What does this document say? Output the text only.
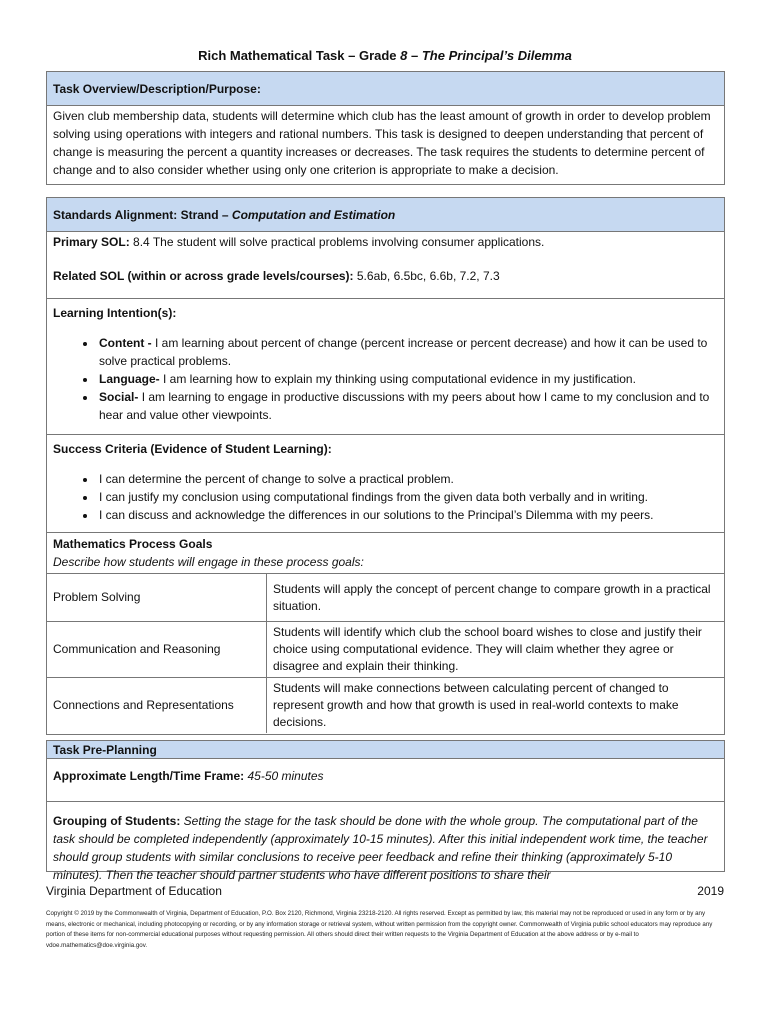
Rich Mathematical Task – Grade 8 – The Principal’s Dilemma
Task Overview/Description/Purpose:
Given club membership data, students will determine which club has the least amount of growth in order to develop problem solving using operations with integers and rational numbers. This task is designed to deepen understanding that percent of change is measuring the percent a quantity increases or decreases. The task requires the students to determine percent of change and to also consider whether using only one criterion is appropriate to make a decision.
Standards Alignment: Strand – Computation and Estimation
Primary SOL: 8.4 The student will solve practical problems involving consumer applications.
Related SOL (within or across grade levels/courses): 5.6ab, 6.5bc, 6.6b, 7.2, 7.3
Learning Intention(s):
• Content - I am learning about percent of change (percent increase or percent decrease) and how it can be used to solve practical problems.
• Language- I am learning how to explain my thinking using computational evidence in my justification.
• Social- I am learning to engage in productive discussions with my peers about how I came to my conclusion and to hear and value other viewpoints.
Success Criteria (Evidence of Student Learning):
• I can determine the percent of change to solve a practical problem.
• I can justify my conclusion using computational findings from the given data both verbally and in writing.
• I can discuss and acknowledge the differences in our solutions to the Principal’s Dilemma with my peers.
Mathematics Process Goals
Describe how students will engage in these process goals:
Problem Solving	Students will apply the concept of percent change to compare growth in a practical situation.
Communication and Reasoning	Students will identify which club the school board wishes to close and justify their choice using computational evidence. They will claim whether they agree or disagree and explain their thinking.
Connections and Representations	Students will make connections between calculating percent of changed to represent growth and how that growth is used in real-world contexts to make decisions.
Task Pre-Planning
Approximate Length/Time Frame: 45-50 minutes
Grouping of Students: Setting the stage for the task should be done with the whole group. The computational part of the task should be completed independently (approximately 10-15 minutes). After this initial independent work time, the teacher should group students with similar conclusions to receive peer feedback and refine their thinking (approximately 5-10 minutes). Then the teacher should partner students who have different positions to share their
Virginia Department of Education	2019
Copyright © 2019 by the Commonwealth of Virginia, Department of Education, P.O. Box 2120, Richmond, Virginia 23218-2120. All rights reserved. Except as permitted by law, this material may not be reproduced or used in any form or by any means, electronic or mechanical, including photocopying or recording, or by any information storage or retrieval system, without written permission from the copyright owner. Commonwealth of Virginia public school educators may reproduce any portion of these items for non-commercial educational purposes without requesting permission. All others should direct their written requests to the Virginia Department of Education at the above address or by e-mail to vdoe.mathematics@doe.virginia.gov.
